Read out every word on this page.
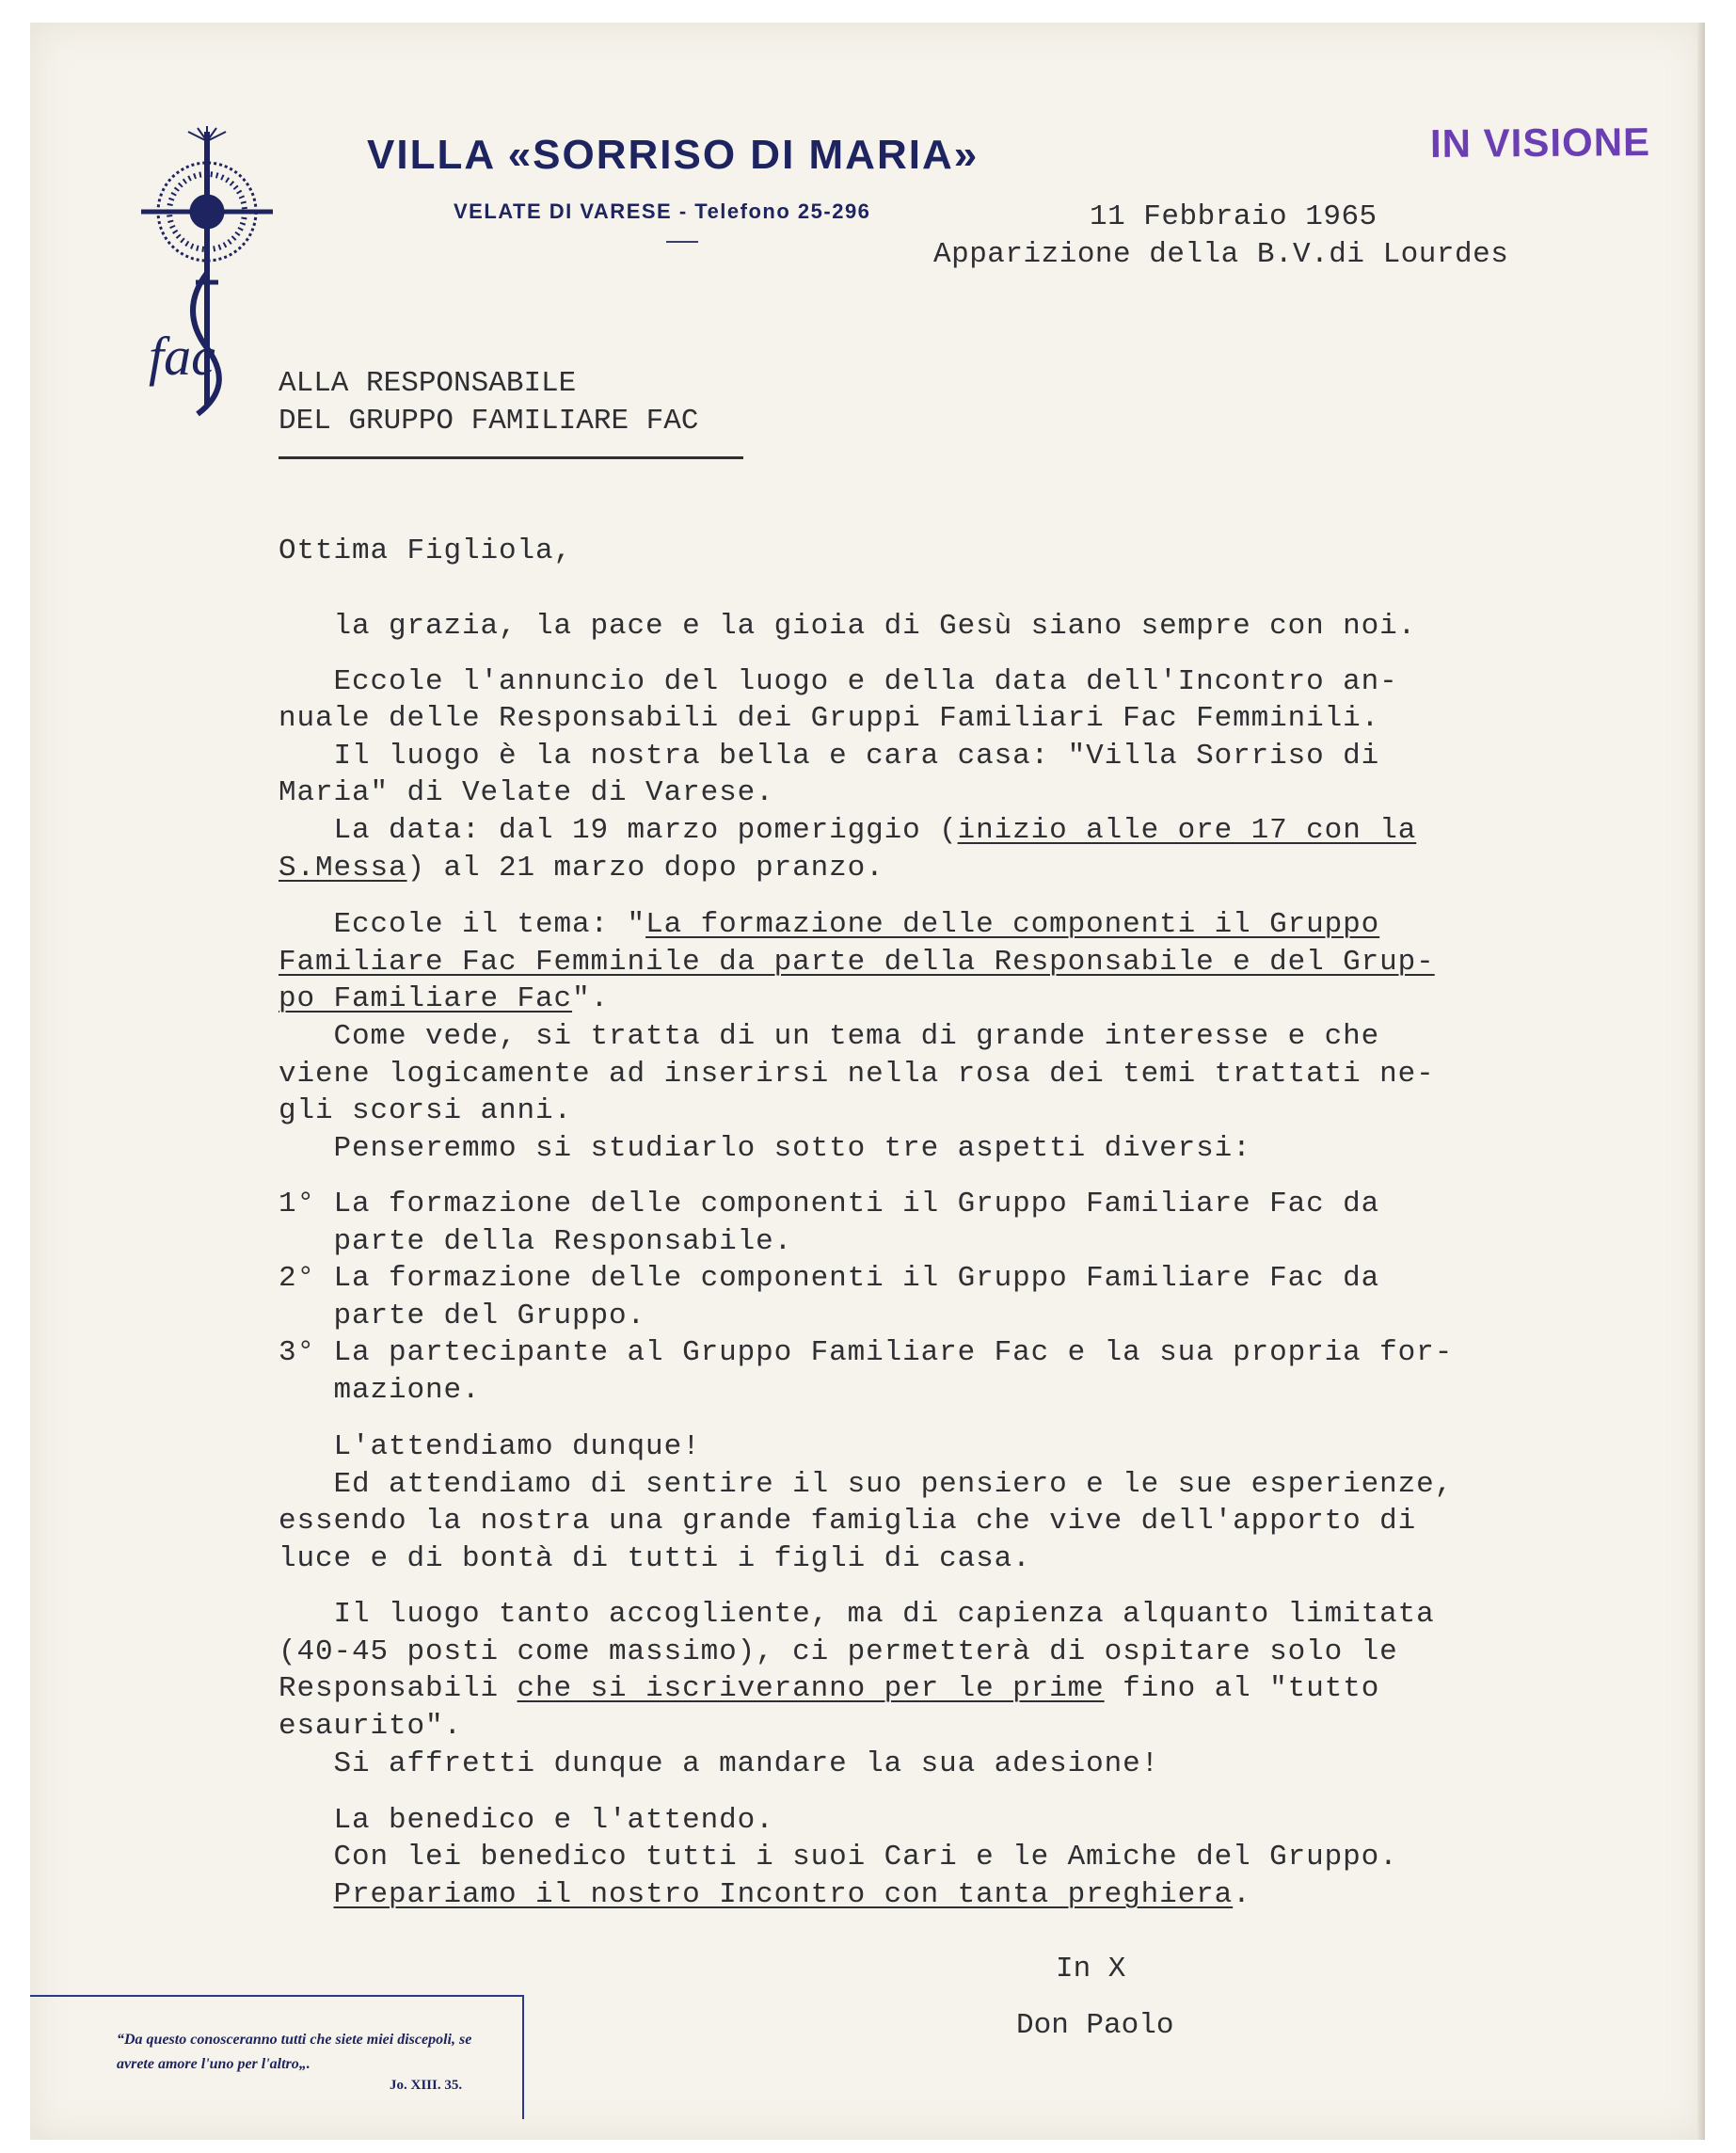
fac
VILLA «SORRISO DI MARIA»
VELATE DI VARESE - Telefono 25-296
IN VISIONE
11 Febbraio 1965
Apparizione della B.V.di Lourdes
ALLA RESPONSABILE
DEL GRUPPO FAMILIARE FAC
Ottima Figliola,
la grazia, la pace e la gioia di Gesù siano sempre con noi.
Eccole l'annuncio del luogo e della data dell'Incontro an-
nuale delle Responsabili dei Gruppi Familiari Fac Femminili.
Il luogo è la nostra bella e cara casa: "Villa Sorriso di
Maria" di Velate di Varese.
La data: dal 19 marzo pomeriggio (inizio alle ore 17 con la
S.Messa) al 21 marzo dopo pranzo.
Eccole il tema: "La formazione delle componenti il Gruppo
Familiare Fac Femminile da parte della Responsabile e del Grup-
po Familiare Fac".
Come vede, si tratta di un tema di grande interesse e che
viene logicamente ad inserirsi nella rosa dei temi trattati ne-
gli scorsi anni.
Penseremmo si studiarlo sotto tre aspetti diversi:
1° La formazione delle componenti il Gruppo Familiare Fac da
parte della Responsabile.
2° La formazione delle componenti il Gruppo Familiare Fac da
parte del Gruppo.
3° La partecipante al Gruppo Familiare Fac e la sua propria for-
mazione.
L'attendiamo dunque!
Ed attendiamo di sentire il suo pensiero e le sue esperienze,
essendo la nostra una grande famiglia che vive dell'apporto di
luce e di bontà di tutti i figli di casa.
Il luogo tanto accogliente, ma di capienza alquanto limitata
(40-45 posti come massimo), ci permetterà di ospitare solo le
Responsabili che si iscriveranno per le prime fino al "tutto
esaurito".
Si affretti dunque a mandare la sua adesione!
La benedico e l'attendo.
Con lei benedico tutti i suoi Cari e le Amiche del Gruppo.
Prepariamo il nostro Incontro con tanta preghiera.
In X
Don Paolo
“Da questo conosceranno tutti che siete miei discepoli, se avrete amore l'uno per l'altro„.
Jo. XIII. 35.
